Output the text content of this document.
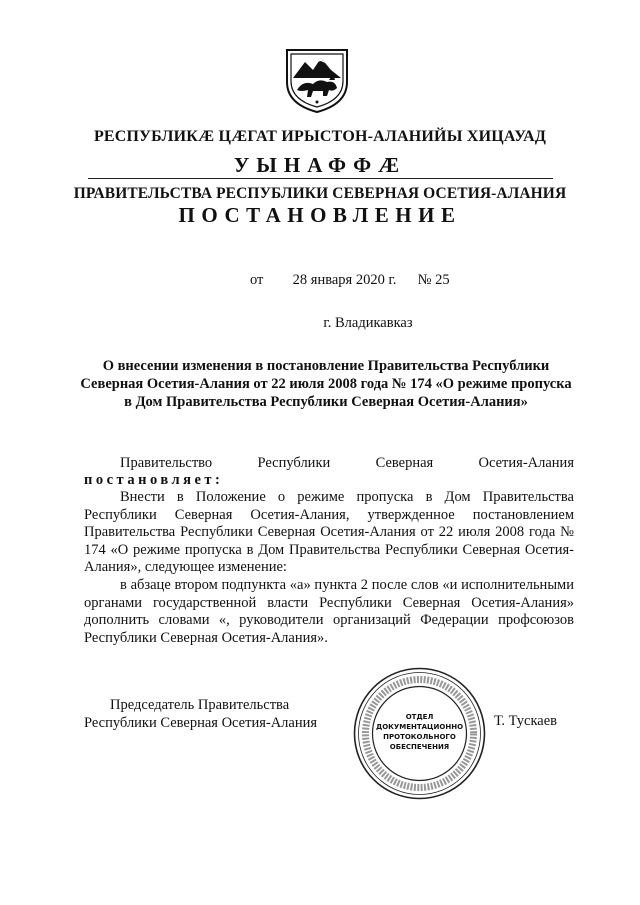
РЕСПУБЛИКӔ ЦӔГАТ ИРЫСТОН-АЛАНИЙЫ ХИЦАУАД
УЫНАФФӔ
ПРАВИТЕЛЬСТВА РЕСПУБЛИКИ СЕВЕРНАЯ ОСЕТИЯ-АЛАНИЯ
ПОСТАНОВЛЕНИЕ
от 28 января 2020 г. № 25
г. Владикавказ
О внесении изменения в постановление Правительства Республики Северная Осетия-Алания от 22 июля 2008 года № 174 «О режиме пропуска в Дом Правительства Республики Северная Осетия-Алания»
Правительство Республики Северная Осетия-Алания
постановляет:
Внести в Положение о режиме пропуска в Дом Правительства Республики Северная Осетия-Алания, утвержденное постановлением Правительства Республики Северная Осетия-Алания от 22 июля 2008 года № 174 «О режиме пропуска в Дом Правительства Республики Северная Осетия-Алания», следующее изменение:
в абзаце втором подпункта «а» пункта 2 после слов «и исполнительными органами государственной власти Республики Северная Осетия-Алания» дополнить словами «, руководители организаций Федерации профсоюзов Республики Северная Осетия-Алания».
Председатель Правительства
Республики Северная Осетия-Алания	Т. Тускаев
ОТДЕЛ
ДОКУМЕНТАЦИОННО
ПРОТОКОЛЬНОГО
ОБЕСПЕЧЕНИЯ
